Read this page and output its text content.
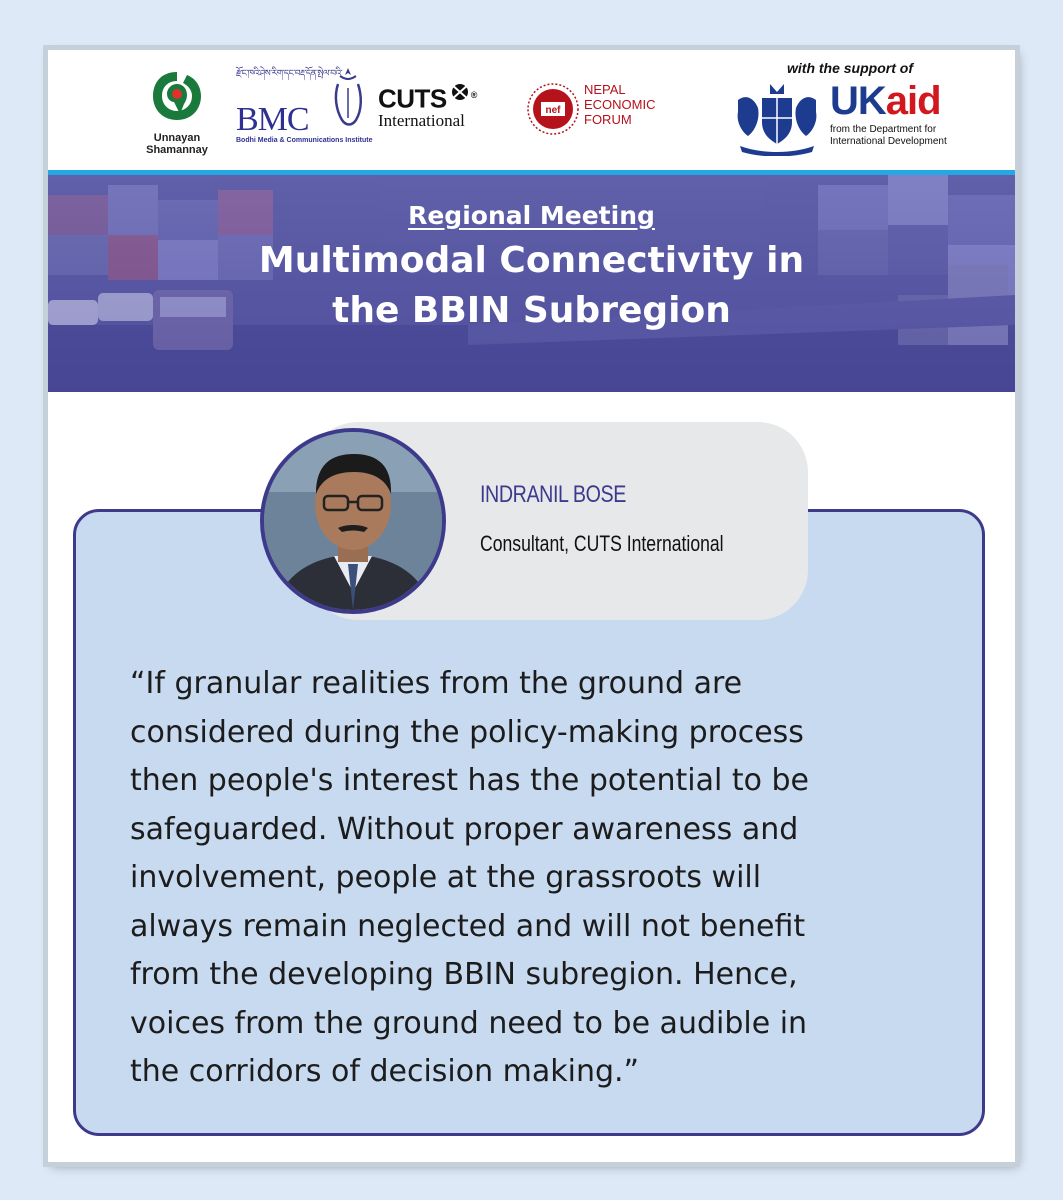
Unnayan Shamannay
རྫོང་ཁའི་ཤེས་རིག་དང་བརྡ་དོན་སྤེལ་བའི་
BMC
Bodhi Media & Communications Institute
CUTS	®
International
nef
NEPAL
ECONOMIC
FORUM
with the support of
UKaid
from the Department for
International Development
Regional Meeting
Multimodal Connectivity in
the BBIN Subregion
INDRANIL BOSE
Consultant, CUTS International
“If granular realities from the ground are
considered during the policy-making process
then people's interest has the potential to be
safeguarded. Without proper awareness and
involvement, people at the grassroots will
always remain neglected and will not benefit
from the developing BBIN subregion. Hence,
voices from the ground need to be audible in
the corridors of decision making.”
